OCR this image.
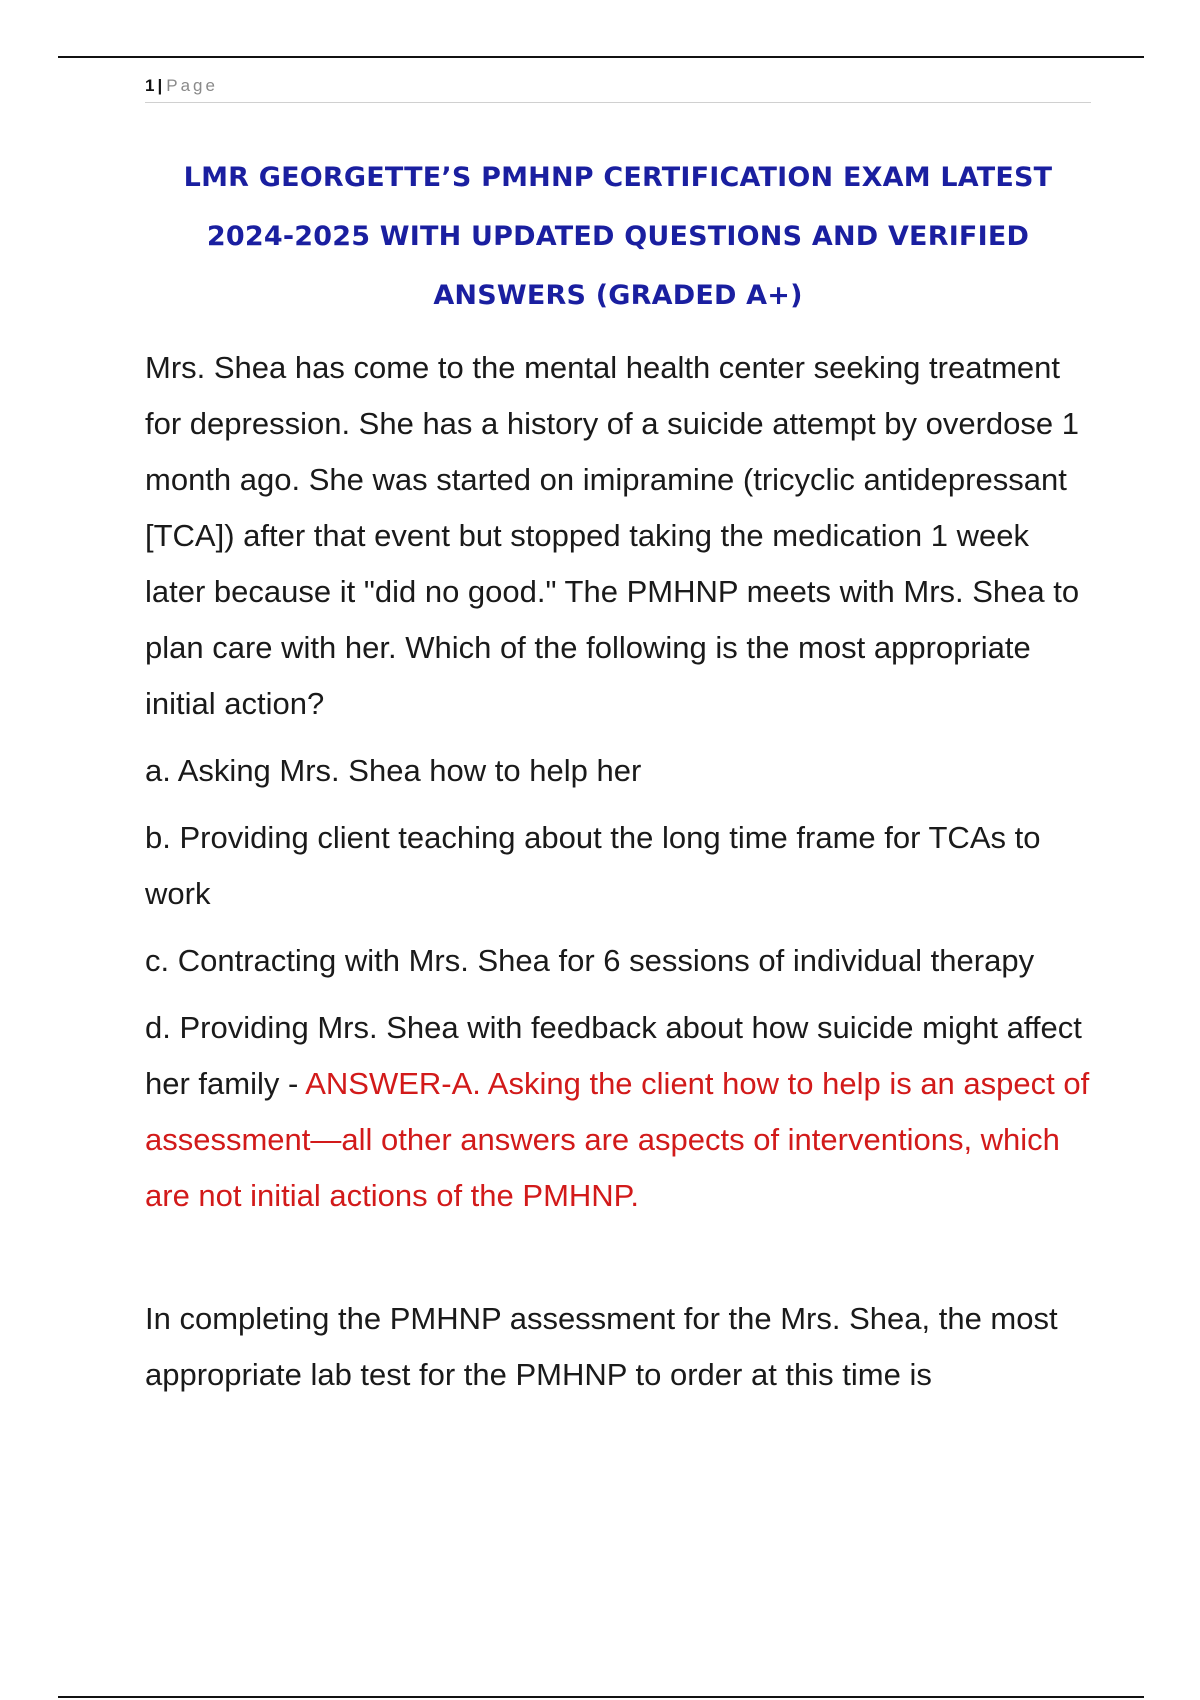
1 | Page
LMR GEORGETTE’S PMHNP CERTIFICATION EXAM LATEST 2024-2025 WITH UPDATED QUESTIONS AND VERIFIED ANSWERS (GRADED A+)

Mrs. Shea has come to the mental health center seeking treatment for depression. She has a history of a suicide attempt by overdose 1 month ago. She was started on imipramine (tricyclic antidepressant [TCA]) after that event but stopped taking the medication 1 week later because it "did no good." The PMHNP meets with Mrs. Shea to plan care with her. Which of the following is the most appropriate initial action?

a. Asking Mrs. Shea how to help her

b. Providing client teaching about the long time frame for TCAs to work

c. Contracting with Mrs. Shea for 6 sessions of individual therapy

d. Providing Mrs. Shea with feedback about how suicide might affect her family - ANSWER-A. Asking the client how to help is an aspect of assessment—all other answers are aspects of interventions, which are not initial actions of the PMHNP.

In completing the PMHNP assessment for the Mrs. Shea, the most appropriate lab test for the PMHNP to order at this time is
